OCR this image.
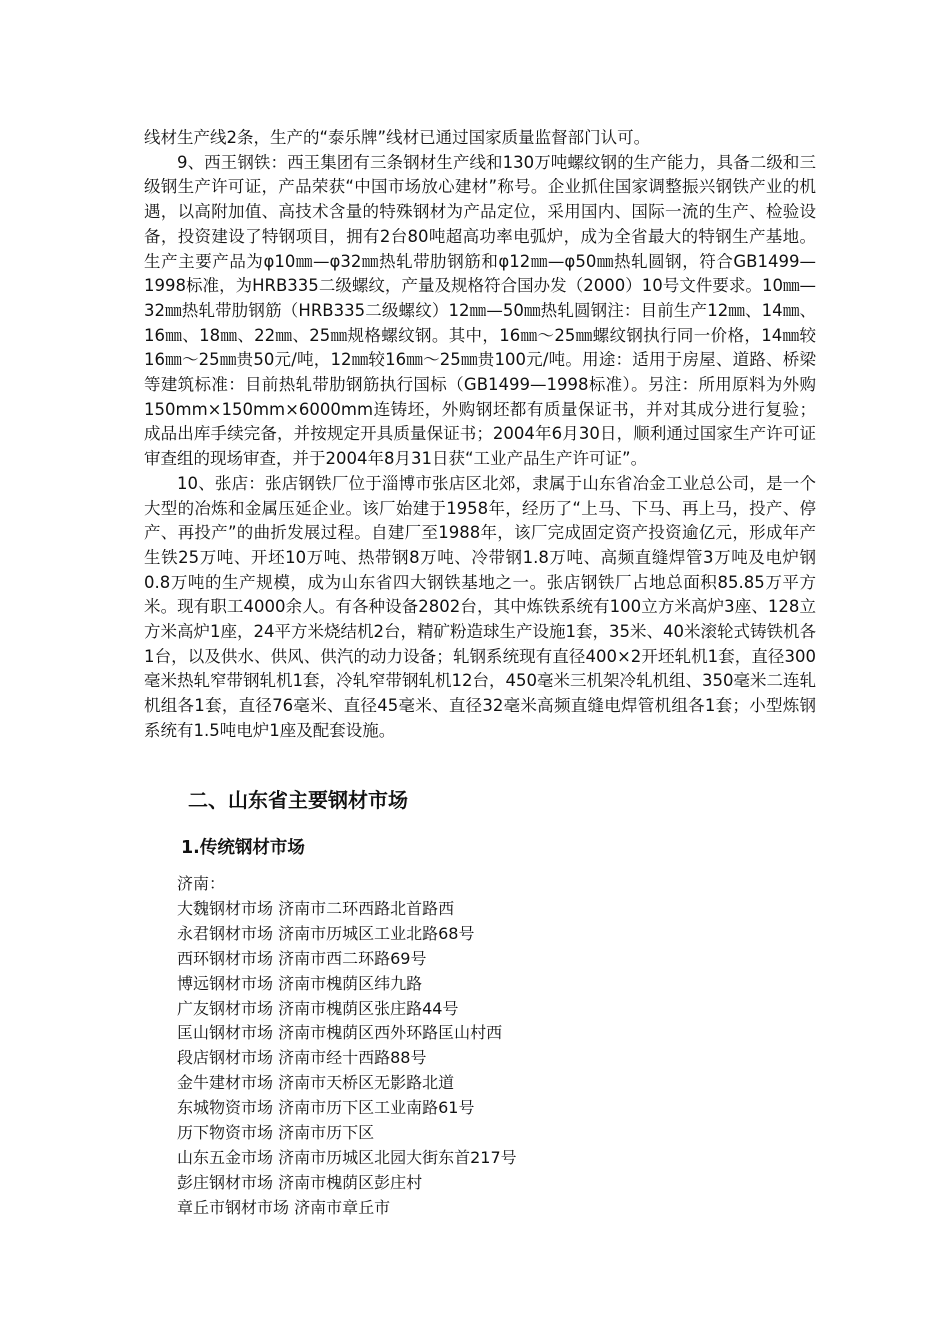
线材生产线2条，生产的“泰乐牌”线材已通过国家质量监督部门认可。

9、西王钢铁：西王集团有三条钢材生产线和130万吨螺纹钢的生产能力，具备二级和三级钢生产许可证，产品荣获“中国市场放心建材”称号。企业抓住国家调整振兴钢铁产业的机遇，以高附加值、高技术含量的特殊钢材为产品定位，采用国内、国际一流的生产、检验设备，投资建设了特钢项目，拥有2台80吨超高功率电弧炉，成为全省最大的特钢生产基地。 生产主要产品为φ10㎜—φ32㎜热轧带肋钢筋和φ12㎜—φ50㎜热轧圆钢，符合GB1499—1998标准，为HRB335二级螺纹，产量及规格符合国办发（2000）10号文件要求。10㎜—32㎜热轧带肋钢筋（HRB335二级螺纹）12㎜—50㎜热轧圆钢注：目前生产12㎜、14㎜、16㎜、18㎜、22㎜、25㎜规格螺纹钢。其中，16㎜～25㎜螺纹钢执行同一价格，14㎜较16㎜～25㎜贵50元/吨，12㎜较16㎜～25㎜贵100元/吨。用途：适用于房屋、道路、桥梁等建筑标准：目前热轧带肋钢筋执行国标（GB1499—1998标准）。另注：所用原料为外购150mm×150mm×6000mm连铸坯，外购钢坯都有质量保证书，并对其成分进行复验；成品出库手续完备，并按规定开具质量保证书；2004年6月30日，顺利通过国家生产许可证审查组的现场审查，并于2004年8月31日获“工业产品生产许可证”。

10、张店：张店钢铁厂位于淄博市张店区北郊，隶属于山东省冶金工业总公司，是一个大型的冶炼和金属压延企业。该厂始建于1958年，经历了“上马、下马、再上马，投产、停产、再投产”的曲折发展过程。自建厂至1988年，该厂完成固定资产投资逾亿元，形成年产生铁25万吨、开坯10万吨、热带钢8万吨、冷带钢1.8万吨、高频直缝焊管3万吨及电炉钢0.8万吨的生产规模，成为山东省四大钢铁基地之一。张店钢铁厂占地总面积85.85万平方米。现有职工4000余人。有各种设备2802台，其中炼铁系统有100立方米高炉3座、128立方米高炉1座，24平方米烧结机2台，精矿粉造球生产设施1套，35米、40米滚轮式铸铁机各1台，以及供水、供风、供汽的动力设备；轧钢系统现有直径400×2开坯轧机1套，直径300毫米热轧窄带钢轧机1套，冷轧窄带钢轧机12台，450毫米三机架冷轧机组、350毫米二连轧机组各1套，直径76毫米、直径45毫米、直径32毫米高频直缝电焊管机组各1套；小型炼钢系统有1.5吨电炉1座及配套设施。

二、山东省主要钢材市场
1.传统钢材市场
济南：
大魏钢材市场 济南市二环西路北首路西
永君钢材市场 济南市历城区工业北路68号
西环钢材市场 济南市西二环路69号
博远钢材市场 济南市槐荫区纬九路
广友钢材市场 济南市槐荫区张庄路44号
匡山钢材市场 济南市槐荫区西外环路匡山村西
段店钢材市场 济南市经十西路88号
金牛建材市场 济南市天桥区无影路北道
东城物资市场 济南市历下区工业南路61号
历下物资市场 济南市历下区
山东五金市场 济南市历城区北园大街东首217号
彭庄钢材市场 济南市槐荫区彭庄村
章丘市钢材市场 济南市章丘市
